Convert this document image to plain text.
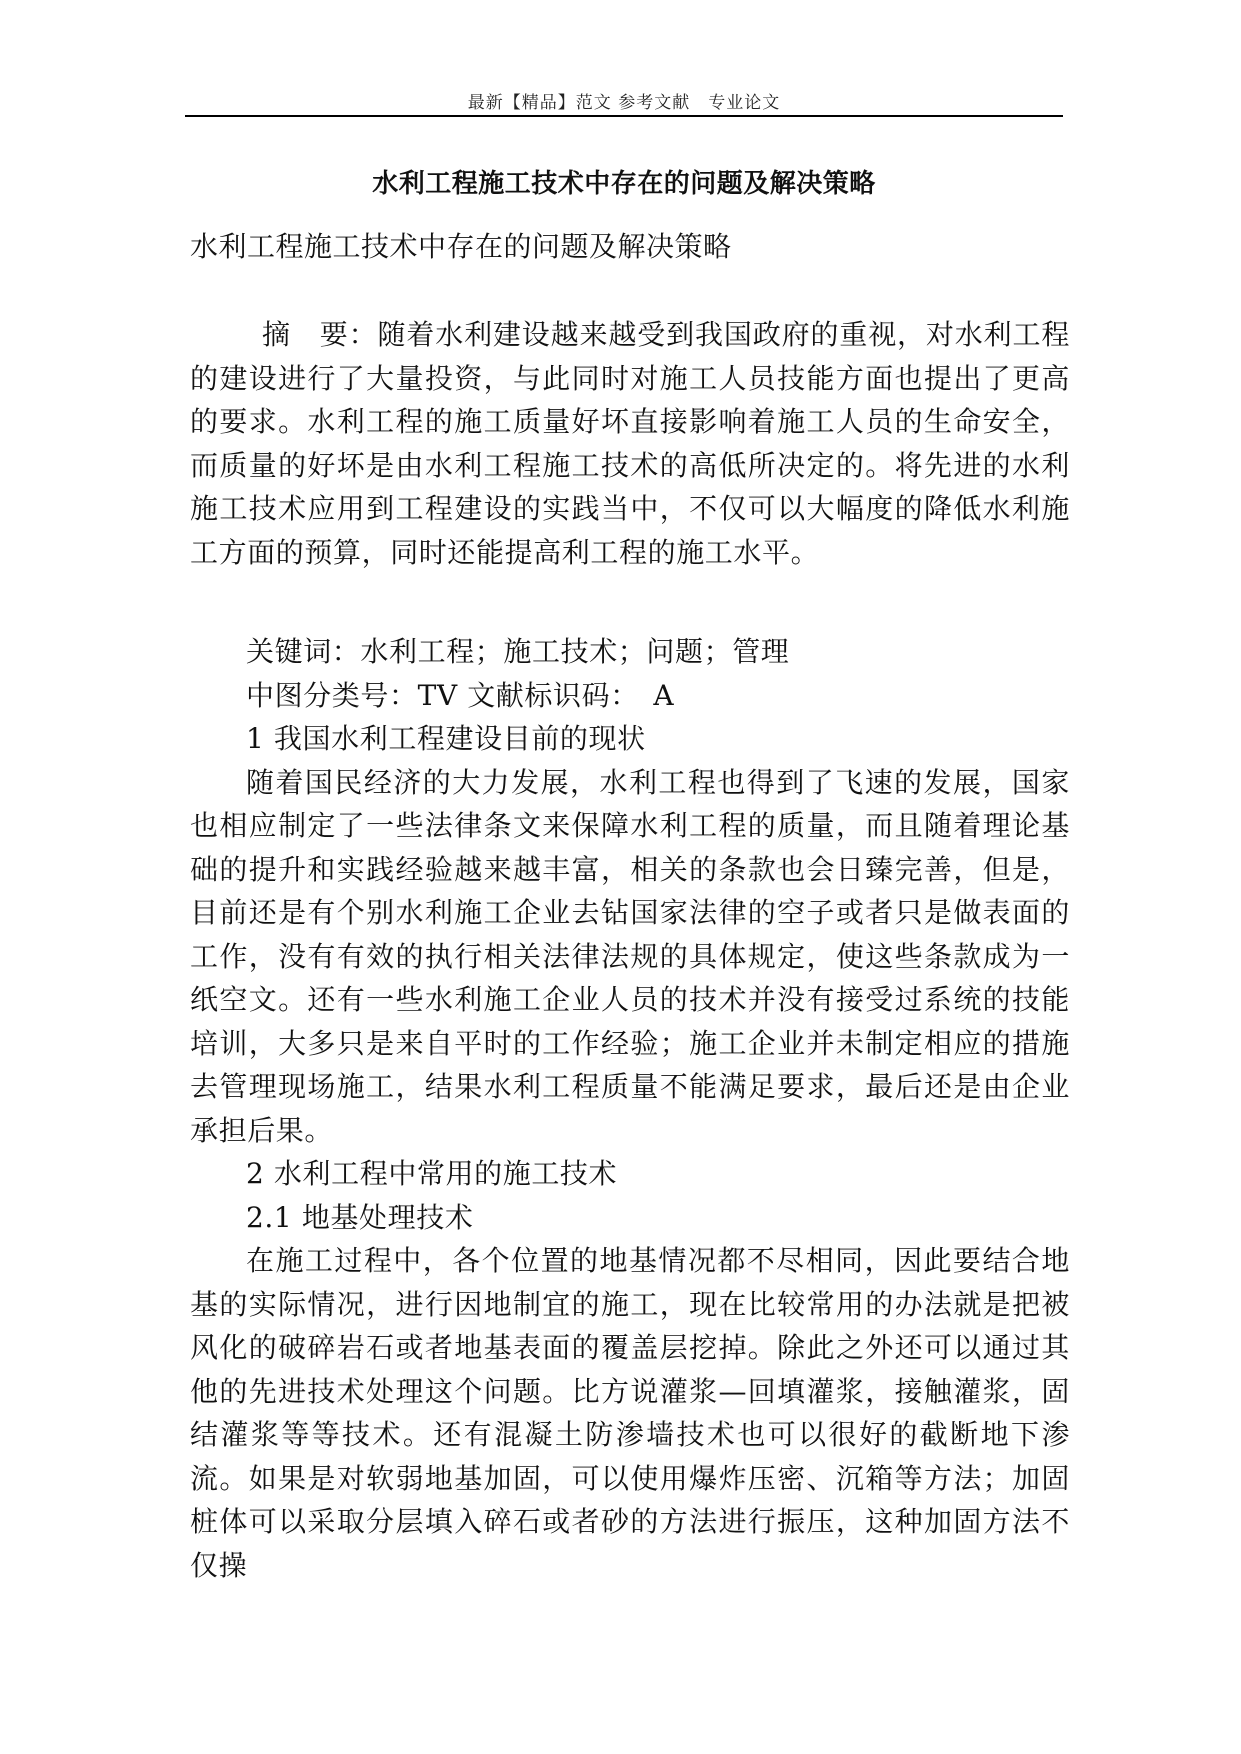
最新【精品】范文 参考文献　专业论文
水利工程施工技术中存在的问题及解决策略
水利工程施工技术中存在的问题及解决策略

摘　要：随着水利建设越来越受到我国政府的重视，对水利工程的建设进行了大量投资，与此同时对施工人员技能方面也提出了更高的要求。水利工程的施工质量好坏直接影响着施工人员的生命安全，而质量的好坏是由水利工程施工技术的高低所决定的。将先进的水利施工技术应用到工程建设的实践当中，不仅可以大幅度的降低水利施工方面的预算，同时还能提高利工程的施工水平。

关键词：水利工程；施工技术；问题；管理

中图分类号：TV 文献标识码：　A

1 我国水利工程建设目前的现状

随着国民经济的大力发展，水利工程也得到了飞速的发展，国家也相应制定了一些法律条文来保障水利工程的质量，而且随着理论基础的提升和实践经验越来越丰富，相关的条款也会日臻完善，但是，目前还是有个别水利施工企业去钻国家法律的空子或者只是做表面的工作，没有有效的执行相关法律法规的具体规定，使这些条款成为一纸空文。还有一些水利施工企业人员的技术并没有接受过系统的技能培训，大多只是来自平时的工作经验；施工企业并未制定相应的措施去管理现场施工，结果水利工程质量不能满足要求，最后还是由企业承担后果。

2 水利工程中常用的施工技术

2.1 地基处理技术

在施工过程中，各个位置的地基情况都不尽相同，因此要结合地基的实际情况，进行因地制宜的施工，现在比较常用的办法就是把被风化的破碎岩石或者地基表面的覆盖层挖掉。除此之外还可以通过其他的先进技术处理这个问题。比方说灌浆—回填灌浆，接触灌浆，固结灌浆等等技术。还有混凝土防渗墙技术也可以很好的截断地下渗流。如果是对软弱地基加固，可以使用爆炸压密、沉箱等方法；加固桩体可以采取分层填入碎石或者砂的方法进行振压，这种加固方法不仅操
